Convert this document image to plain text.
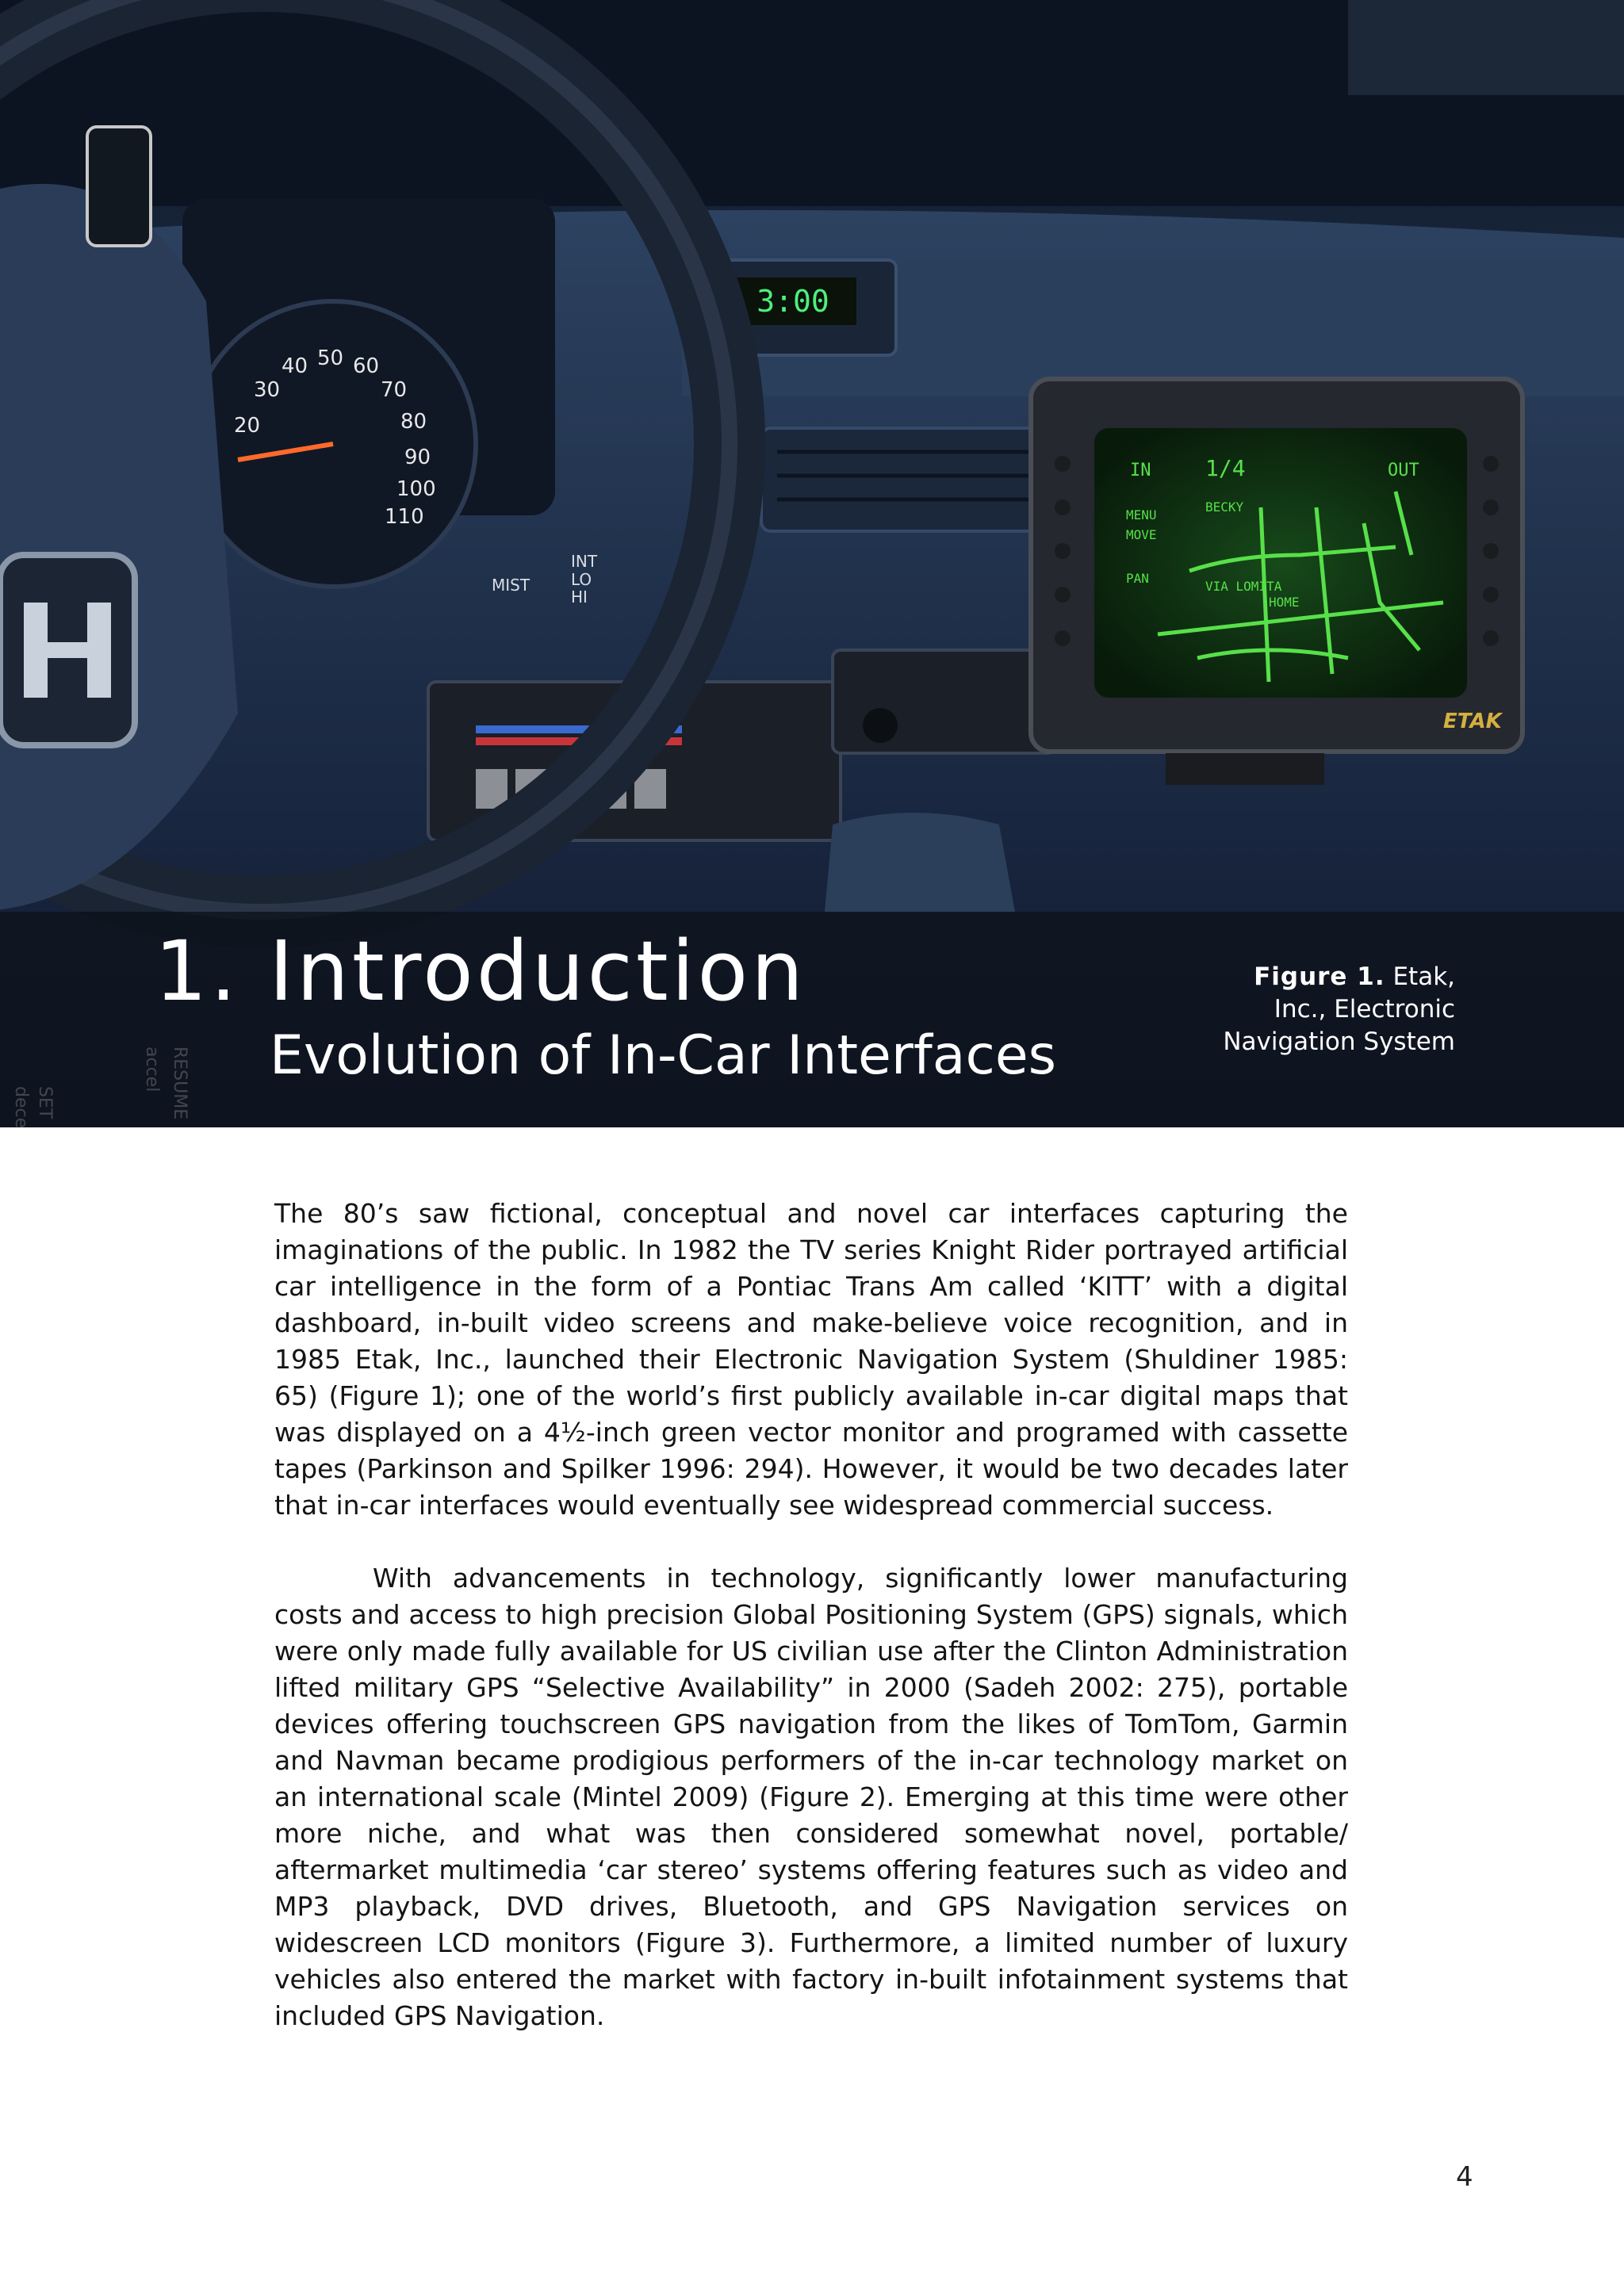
3:00
20
30
40 50 60
70
80
90
100
110
MIST
INT
LO
HI
IN 1/4	OUT
MENU
MOVE
PAN
BECKY
VIA LOMITA
HOME
ETAK
1. Introduction
Evolution of In-Car Interfaces
Figure 1. Etak, Inc., Electronic Navigation System

The 80’s saw fictional, conceptual and novel car interfaces capturing the imaginations of the public. In 1982 the TV series Knight Rider portrayed artificial car intelligence in the form of a Pontiac Trans Am called ‘KITT’ with a digital dashboard, in-built video screens and make-believe voice recognition, and in 1985 Etak, Inc., launched their Electronic Navigation System (Shuldiner 1985: 65) (Figure 1); one of the world’s first publicly available in-car digital maps that was displayed on a 4½-inch green vector monitor and programed with cassette tapes (Parkinson and Spilker 1996: 294). However, it would be two decades later that in-car interfaces would eventually see widespread commercial success.

With advancements in technology, significantly lower manufacturing costs and access to high precision Global Positioning System (GPS) signals, which were only made fully available for US civilian use after the Clinton Administration lifted military GPS “Selective Availability” in 2000 (Sadeh 2002: 275), portable devices offering touchscreen GPS navigation from the likes of TomTom, Garmin and Navman became prodigious performers of the in-car technology market on an international scale (Mintel 2009) (Figure 2). Emerging at this time were other more niche, and what was then considered somewhat novel, portable/ aftermarket multimedia ‘car stereo’ systems offering features such as video and MP3 playback, DVD drives, Bluetooth, and GPS Navigation services on widescreen LCD monitors (Figure 3). Furthermore, a limited number of luxury vehicles also entered the market with factory in-built infotainment systems that included GPS Navigation.

4
